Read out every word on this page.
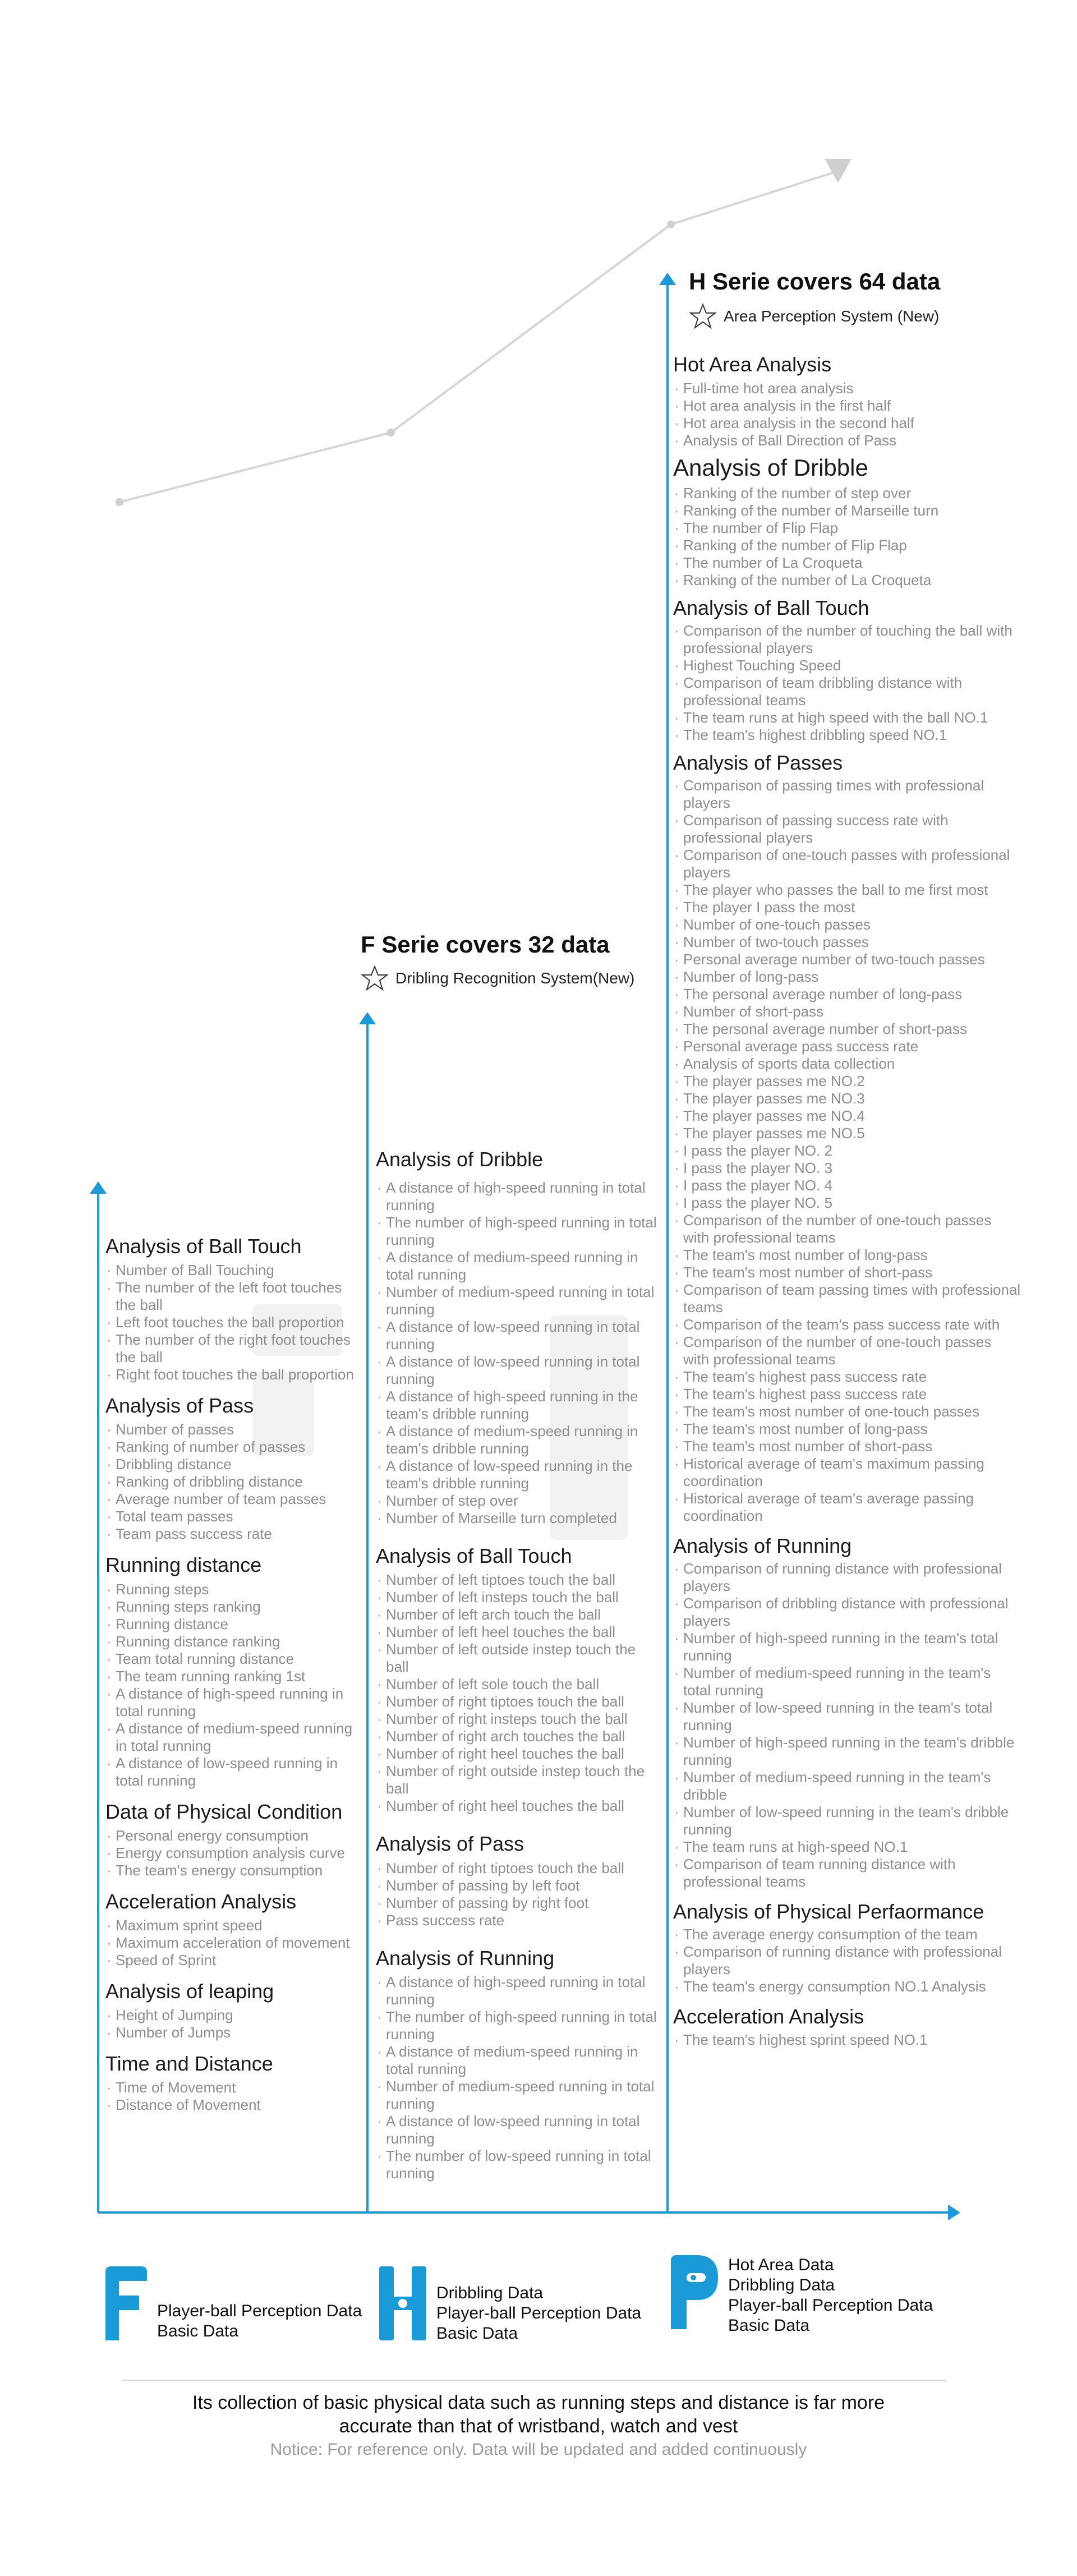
H Serie covers 64 data
Area Perception System (New)
F Serie covers 32 data
Dribling Recognition System(New)
Analysis of Ball Touch
· Number of Ball Touching
· The number of the left foot touches the ball
· Left foot touches the ball proportion
· The number of the right foot touches the ball
· Right foot touches the ball proportion
Analysis of Pass
· Number of passes
· Ranking of number of passes
· Dribbling distance
· Ranking of dribbling distance
· Average number of team passes
· Total team passes
· Team pass success rate
Running distance
· Running steps
· Running steps ranking
· Running distance
· Running distance ranking
· Team total running distance
· The team running ranking 1st
· A distance of high-speed running in total running
· A distance of medium-speed running in total running
· A distance of low-speed running in total running
Data of Physical Condition
· Personal energy consumption
· Energy consumption analysis curve
· The team's energy consumption
Acceleration Analysis
· Maximum sprint speed
· Maximum acceleration of movement
· Speed of Sprint
Analysis of leaping
· Height of Jumping
· Number of Jumps
Time and Distance
· Time of Movement
· Distance of Movement
Analysis of Dribble
· A distance of high-speed running in total running
· The number of high-speed running in total running
· A distance of medium-speed running in total running
· Number of medium-speed running in total running
· A distance of low-speed running in total running
· A distance of low-speed running in total running
· A distance of high-speed running in the team's dribble running
· A distance of medium-speed running in team's dribble running
· A distance of low-speed running in the team's dribble running
· Number of step over
· Number of Marseille turn completed
Analysis of Ball Touch
· Number of left tiptoes touch the ball
· Number of left insteps touch the ball
· Number of left arch touch the ball
· Number of left heel touches the ball
· Number of left outside instep touch the ball
· Number of left sole touch the ball
· Number of right tiptoes touch the ball
· Number of right insteps touch the ball
· Number of right arch touches the ball
· Number of right heel touches the ball
· Number of right outside instep touch the ball
· Number of right heel touches the ball
Analysis of Pass
· Number of right tiptoes touch the ball
· Number of passing by left foot
· Number of passing by right foot
· Pass success rate
Analysis of Running
· A distance of high-speed running in total running
· The number of high-speed running in total running
· A distance of medium-speed running in total running
· Number of medium-speed running in total running
· A distance of low-speed running in total running
· The number of low-speed running in total running
Hot Area Analysis
· Full-time hot area analysis
· Hot area analysis in the first half
· Hot area analysis in the second half
· Analysis of Ball Direction of Pass
Analysis of Dribble
· Ranking of the number of step over
· Ranking of the number of Marseille turn
· The number of Flip Flap
· Ranking of the number of Flip Flap
· The number of La Croqueta
· Ranking of the number of La Croqueta
Analysis of Ball Touch
· Comparison of the number of touching the ball with professional players
· Highest Touching Speed
· Comparison of team dribbling distance with professional teams
· The team runs at high speed with the ball NO.1
· The team's highest dribbling speed NO.1
Analysis of Passes
· Comparison of passing times with professional players
· Comparison of passing success rate with professional players
· Comparison of one-touch passes with professional players
· The player who passes the ball to me first most
· The player I pass the most
· Number of one-touch passes
· Number of two-touch passes
· Personal average number of two-touch passes
· Number of long-pass
· The personal average number of long-pass
· Number of short-pass
· The personal average number of short-pass
· Personal average pass success rate
· Analysis of sports data collection
· The player passes me NO.2
· The player passes me NO.3
· The player passes me NO.4
· The player passes me NO.5
· I pass the player NO. 2
· I pass the player NO. 3
· I pass the player NO. 4
· I pass the player NO. 5
· Comparison of the number of one-touch passes with professional teams
· The team's most number of long-pass
· The team's most number of short-pass
· Comparison of team passing times with professional teams
· Comparison of the team's pass success rate with
· Comparison of the number of one-touch passes with professional teams
· The team's highest pass success rate
· The team's highest pass success rate
· The team's most number of one-touch passes
· The team's most number of long-pass
· The team's most number of short-pass
· Historical average of team's maximum passing coordination
· Historical average of team's average passing coordination
Analysis of Running
· Comparison of running distance with professional players
· Comparison of dribbling distance with professional players
· Number of high-speed running in the team's total running
· Number of medium-speed running in the team's total running
· Number of low-speed running in the team's total running
· Number of high-speed running in the team's dribble running
· Number of medium-speed running in the team's dribble
· Number of low-speed running in the team's dribble running
· The team runs at high-speed NO.1
· Comparison of team running distance with professional teams
Analysis of Physical Perfaormance
· The average energy consumption of the team
· Comparison of running distance with professional players
· The team's energy consumption NO.1 Analysis
Acceleration Analysis
· The team's highest sprint speed NO.1
Player-ball Perception Data
Basic Data
Dribbling Data
Player-ball Perception Data
Basic Data
Hot Area Data
Dribbling Data
Player-ball Perception Data
Basic Data
Its collection of basic physical data such as running steps and distance is far more
accurate than that of wristband, watch and vest
Notice: For reference only. Data will be updated and added continuously
